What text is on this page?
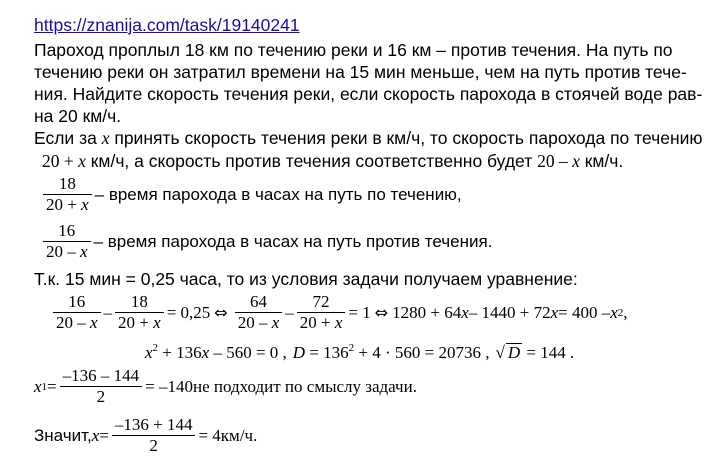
https://znanija.com/task/19140241
Пароход проплыл 18 км по течению реки и 16 км – против течения. На путь по
течению реки он затратил времени на 15 мин меньше, чем на путь против тече-
ния. Найдите скорость течения реки, если скорость парохода в стоячей воде рав-
на 20 км/ч.
Если за x принять скорость течения реки в км/ч, то скорость парохода по течению
20 + x км/ч, а скорость против течения соответственно будет 20 – x км/ч.
$\frac{18}{20 + x}$ – время парохода в часах на путь по течению,
$\frac{16}{20 - x}$ – время парохода в часах на путь против течения.
Т.к. 15 мин = 0,25 часа, то из условия задачи получаем уравнение:
$\frac{16}{20 - x} - \frac{18}{20 + x} = 0,25$ ⇔ $\frac{64}{20 - x} - \frac{72}{20 + x} = 1$ ⇔ 1280 + 64 x – 1440 + 72 x = 400 – x 2 ,
$x^2 + 136x - 560 = 0$ , $D = 136^2 + 4 \cdot 560 = 20736$ , √ D = 144 .
x $1 = \frac{-136 - 144}{2} = -140$ не подходит по смыслу задачи.
Значит, $x = \frac{-136 + 144}{2} = 4$ км/ч.
